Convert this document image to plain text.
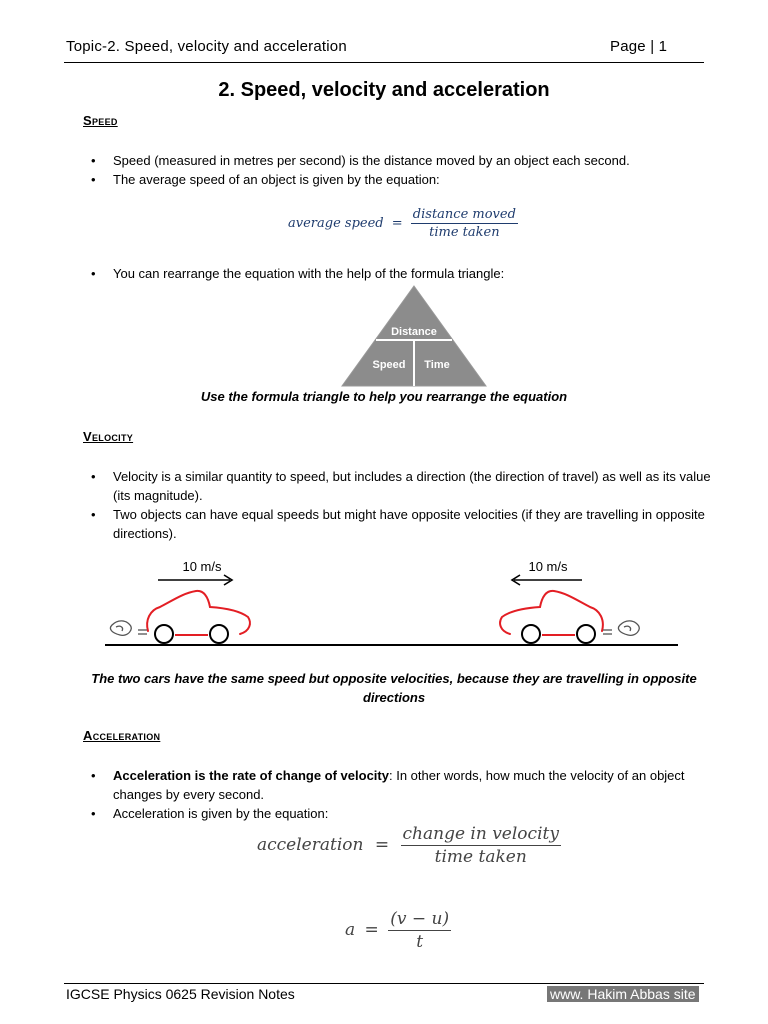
Topic-2. Speed, velocity and acceleration	Page | 1
2. Speed, velocity and acceleration
Speed
• Speed (measured in metres per second) is the distance moved by an object each second.
• The average speed of an object is given by the equation:
average speed = $\frac{\text{distance moved}}{\text{time taken}}$
• You can rearrange the equation with the help of the formula triangle:
Distance
Speed Time
Use the formula triangle to help you rearrange the equation
Velocity
• Velocity is a similar quantity to speed, but includes a direction (the direction of travel) as well as its value (its magnitude).
• Two objects can have equal speeds but might have opposite velocities (if they are travelling in opposite directions).
10 m/s	10 m/s
The two cars have the same speed but opposite velocities, because they are travelling in opposite directions
Acceleration
• Acceleration is the rate of change of velocity: In other words, how much the velocity of an object changes by every second.
• Acceleration is given by the equation:
acceleration = $\frac{\text{change in velocity}}{\text{time taken}}$
$a = \frac{(v - u)}{t}$
IGCSE Physics 0625 Revision Notes	www. Hakim Abbas site
